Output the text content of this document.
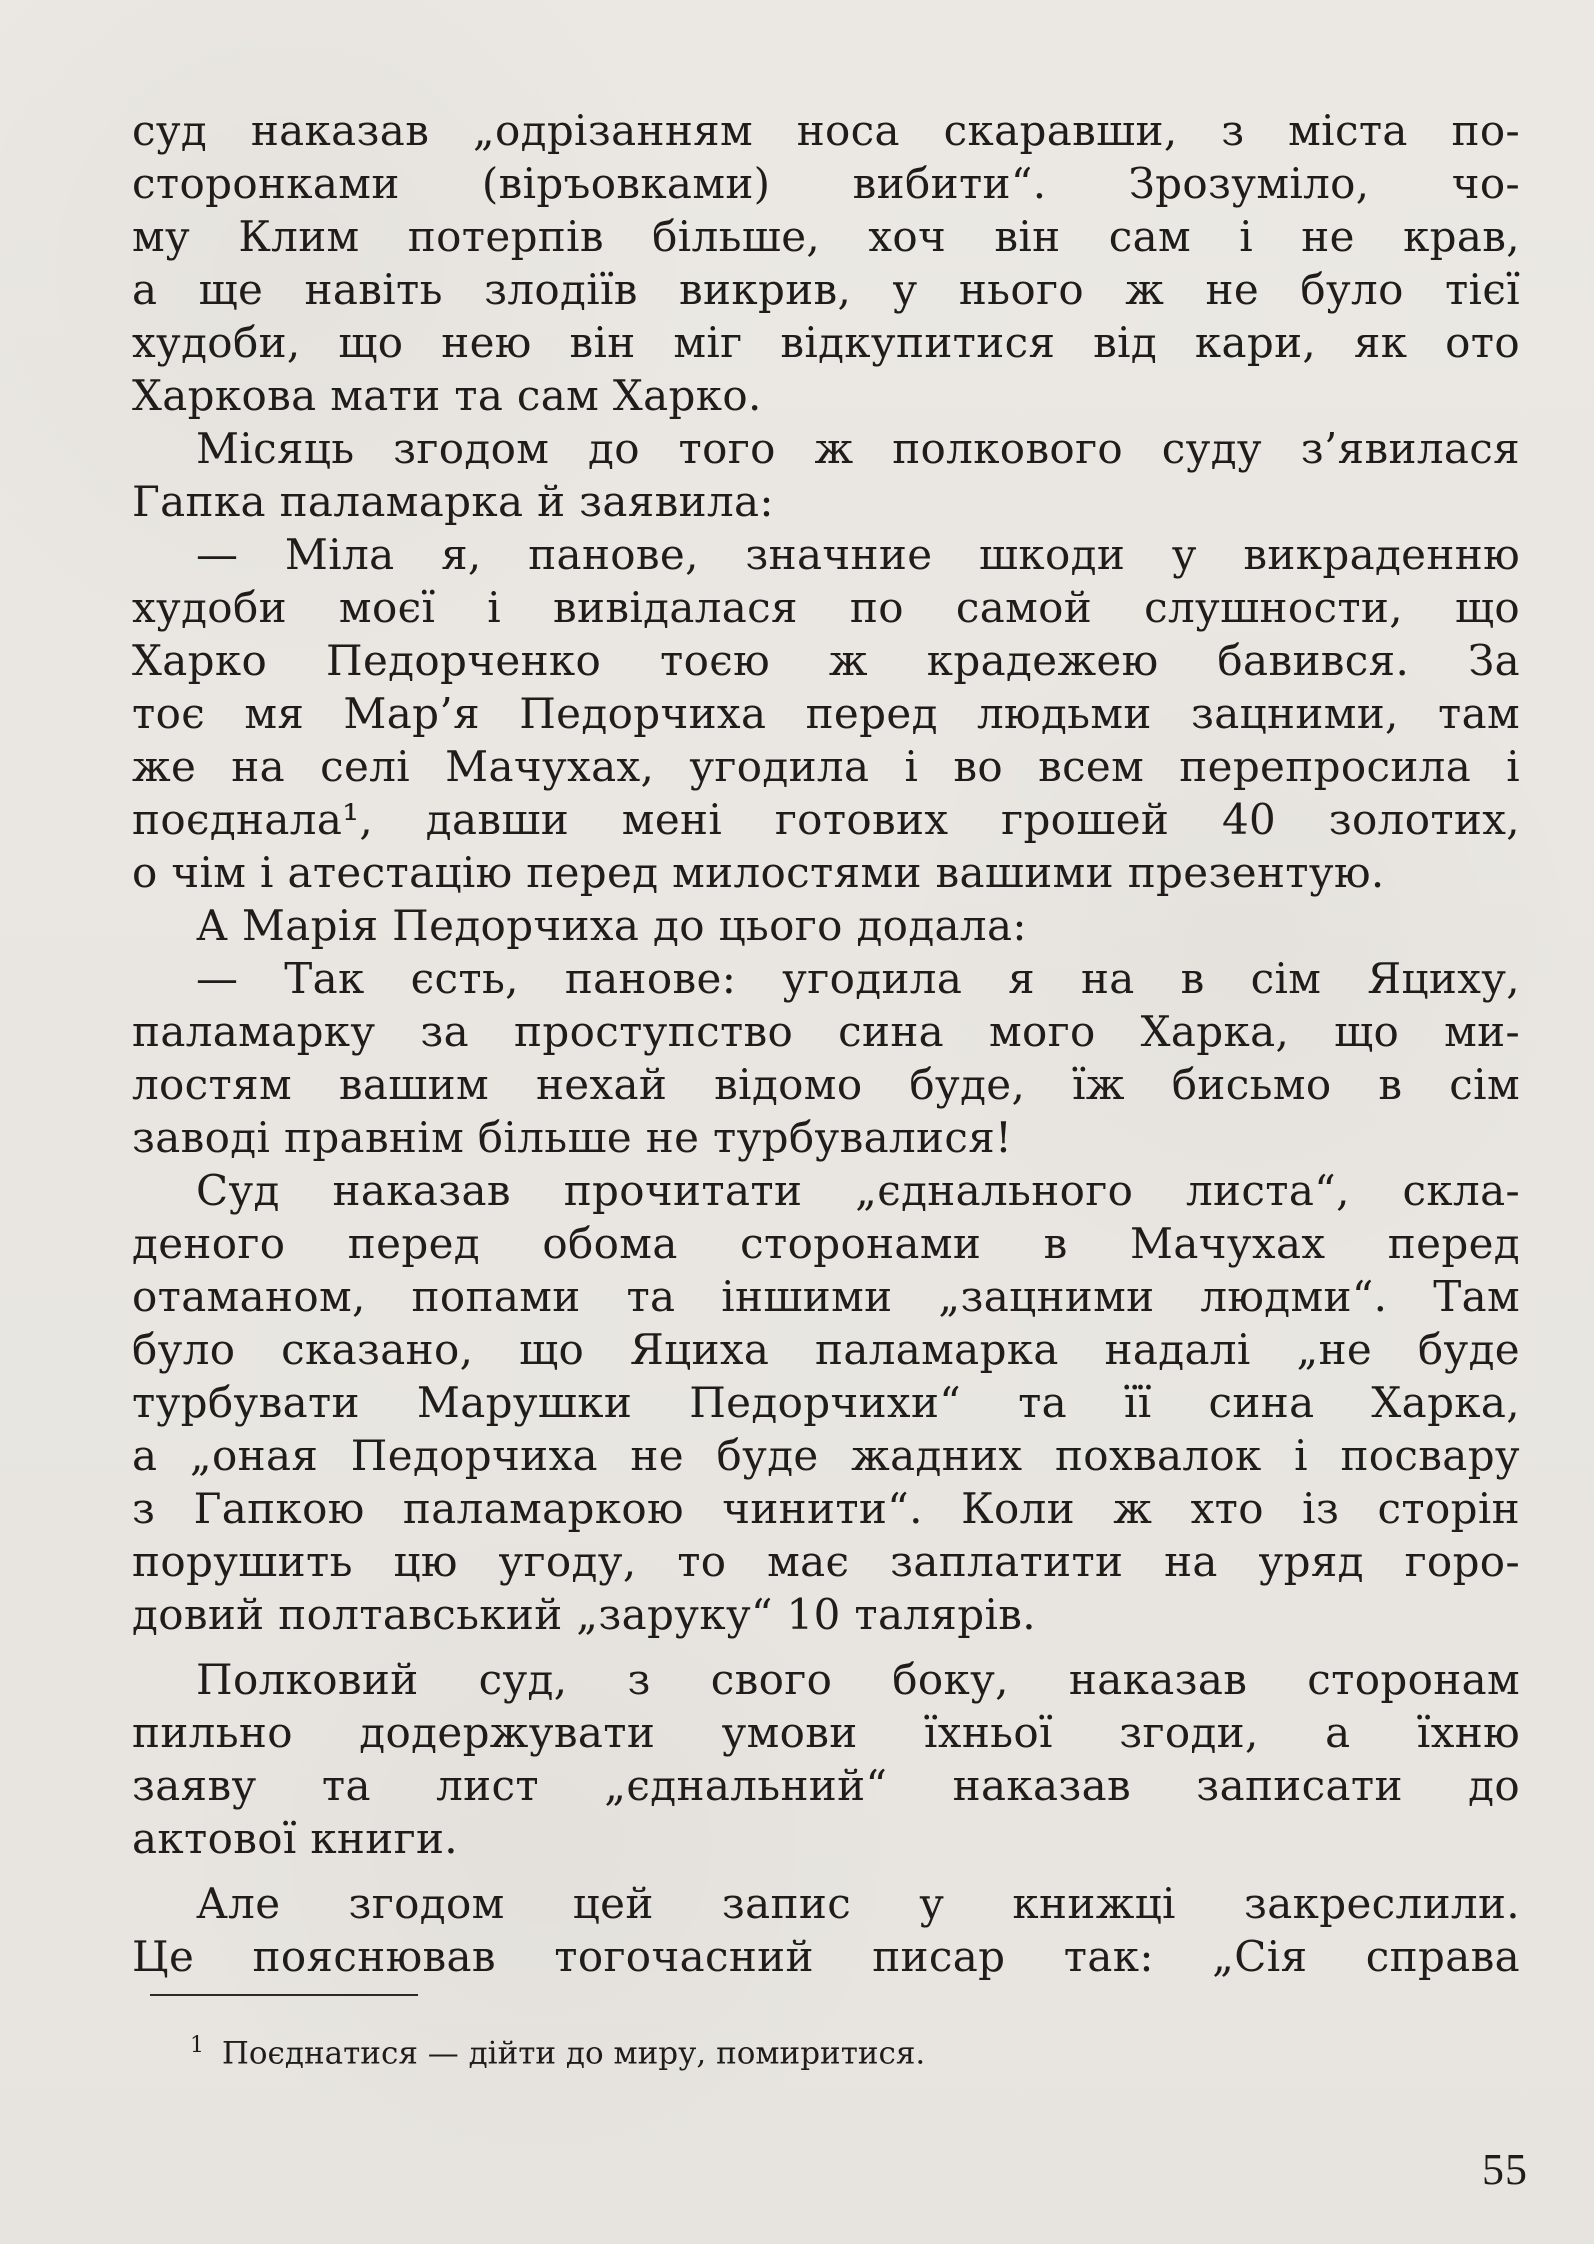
суд наказав „одрізанням носа скаравши, з міста по-
сторонками (віръовками) вибити“. Зрозуміло, чо-
му Клим потерпів більше, хоч він сам і не крав,
а ще навіть злодіїв викрив, у нього ж не було тієї
худоби, що нею він міг відкупитися від кари, як ото
Харкова мати та сам Харко.
Місяць згодом до того ж полкового суду з’явилася
Гапка паламарка й заявила:
— Міла я, панове, значние шкоди у викраденню
худоби моєї і вивідалася по самой слушности, що
Харко Педорченко тоєю ж крадежею бавився. За
тоє мя Мар’я Педорчиха перед людьми зацними, там
же на селі Мачухах, угодила і во всем перепросила і
поєднала¹, давши мені готових грошей 40 золотих,
о чім і атестацію перед милостями вашими презентую.
А Марія Педорчиха до цього додала:
— Так єсть, панове: угодила я на в сім Яциху,
паламарку за проступство сина мого Харка, що ми-
лостям вашим нехай відомо буде, їж бисьмо в сім
заводі правнім більше не турбувалися!
Суд наказав прочитати „єднального листа“, скла-
деного перед обома сторонами в Мачухах перед
отаманом, попами та іншими „зацними людми“. Там
було сказано, що Яциха паламарка надалі „не буде
турбувати Марушки Педорчихи“ та її сина Харка,
а „оная Педорчиха не буде жадних похвалок і посвару
з Гапкою паламаркою чинити“. Коли ж хто із сторін
порушить цю угоду, то має заплатити на уряд горо-
довий полтавський „заруку“ 10 талярів.
Полковий суд, з свого боку, наказав сторонам
пильно додержувати умови їхньої згоди, а їхню
заяву та лист „єднальний“ наказав записати до
актової книги.
Але згодом цей запис у книжці закреслили.
Це пояснював тогочасний писар так: „Сія справа
$^1$ Поєднатися — дійти до миру, помиритися.
55
